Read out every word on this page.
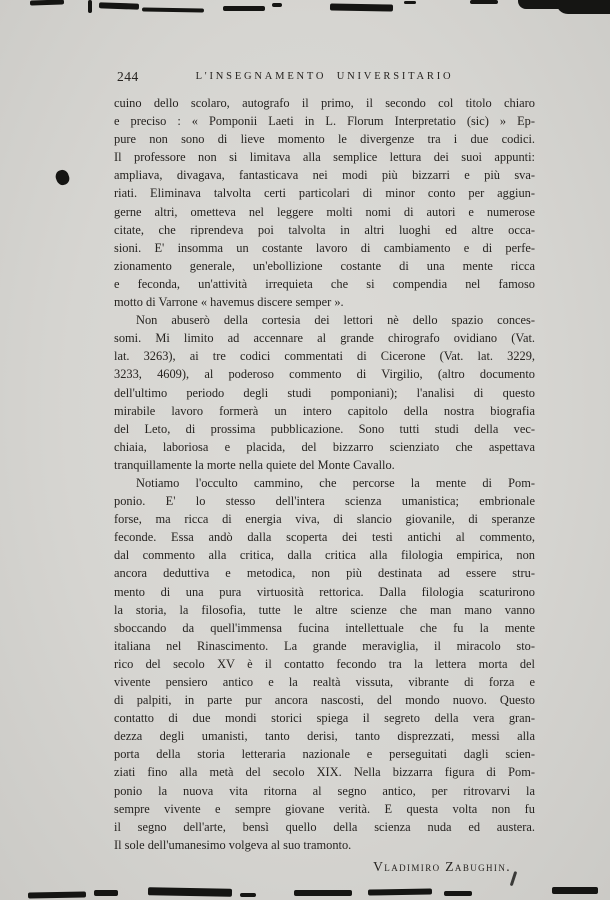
244	L'INSEGNAMENTO UNIVERSITARIO
cuino dello scolaro, autografo il primo, il secondo col titolo chiaro
e preciso : « Pomponii Laeti in L. Florum Interpretatio (sic) » Ep-
pure non sono di lieve momento le divergenze tra i due codici.
Il professore non si limitava alla semplice lettura dei suoi appunti:
ampliava, divagava, fantasticava nei modi più bizzarri e più sva-
riati. Eliminava talvolta certi particolari di minor conto per aggiun-
gerne altri, ometteva nel leggere molti nomi di autori e numerose
citate, che riprendeva poi talvolta in altri luoghi ed altre occa-
sioni. E' insomma un costante lavoro di cambiamento e di perfe-
zionamento generale, un'ebollizione costante di una mente ricca
e feconda, un'attività irrequieta che si compendia nel famoso
motto di Varrone « havemus discere semper ».
Non abuserò della cortesia dei lettori nè dello spazio conces-
somi. Mi limito ad accennare al grande chirografo ovidiano (Vat.
lat. 3263), ai tre codici commentati di Cicerone (Vat. lat. 3229,
3233, 4609), al poderoso commento di Virgilio, (altro documento
dell'ultimo periodo degli studi pomponiani); l'analisi di questo
mirabile lavoro formerà un intero capitolo della nostra biografia
del Leto, di prossima pubblicazione. Sono tutti studi della vec-
chiaia, laboriosa e placida, del bizzarro scienziato che aspettava
tranquillamente la morte nella quiete del Monte Cavallo.
Notiamo l'occulto cammino, che percorse la mente di Pom-
ponio. E' lo stesso dell'intera scienza umanistica; embrionale
forse, ma ricca di energia viva, di slancio giovanile, di speranze
feconde. Essa andò dalla scoperta dei testi antichi al commento,
dal commento alla critica, dalla critica alla filologia empirica, non
ancora deduttiva e metodica, non più destinata ad essere stru-
mento di una pura virtuosità rettorica. Dalla filologia scaturirono
la storia, la filosofia, tutte le altre scienze che man mano vanno
sboccando da quell'immensa fucina intellettuale che fu la mente
italiana nel Rinascimento. La grande meraviglia, il miracolo sto-
rico del secolo XV è il contatto fecondo tra la lettera morta del
vivente pensiero antico e la realtà vissuta, vibrante di forza e
di palpiti, in parte pur ancora nascosti, del mondo nuovo. Questo
contatto di due mondi storici spiega il segreto della vera gran-
dezza degli umanisti, tanto derisi, tanto disprezzati, messi alla
porta della storia letteraria nazionale e perseguitati dagli scien-
ziati fino alla metà del secolo XIX. Nella bizzarra figura di Pom-
ponio la nuova vita ritorna al segno antico, per ritrovarvi la
sempre vivente e sempre giovane verità. E questa volta non fu
il segno dell'arte, bensì quello della scienza nuda ed austera.
Il sole dell'umanesimo volgeva al suo tramonto.
Vladimiro Zabughin.
